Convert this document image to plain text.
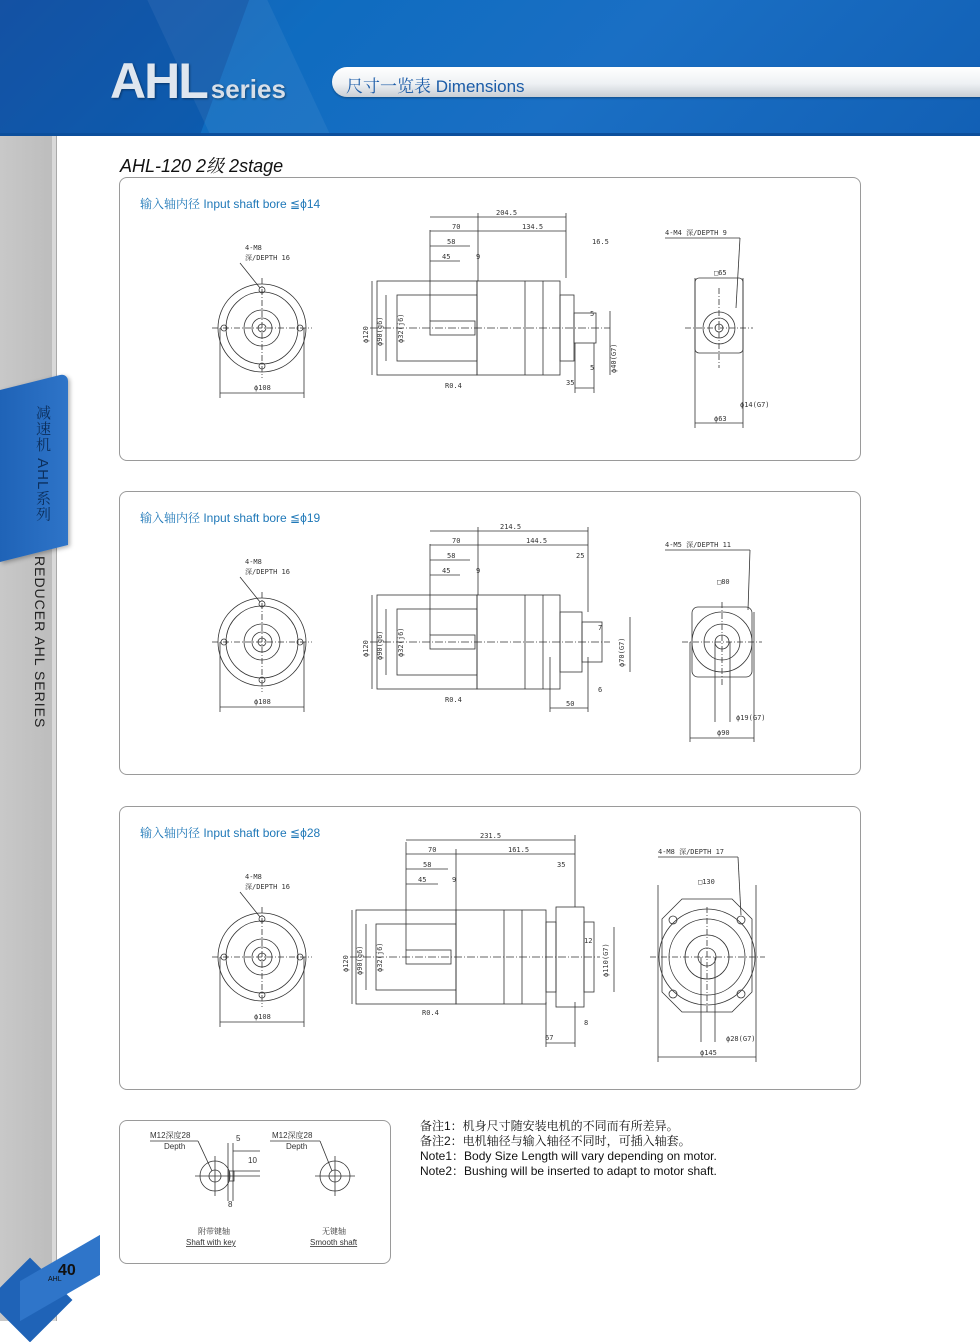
AHL series	尺寸一览表 Dimensions
减速机 AHL系列
REDUCER AHL SERIES
40
AHL
AHL-120 2级 2stage
输入轴内径 Input shaft bore ≦ϕ14
4-M8
深/DEPTH 16
ϕ108
204.5
70	134.5
58
45	9
16.5
5
5
35
R0.4
ϕ120 ϕ90(g6) ϕ32(j6)
ϕ40(G7)
4-M4 深/DEPTH 9
□65
ϕ14(G7)
ϕ63
输入轴内径 Input shaft bore ≦ϕ19
4-M8
深/DEPTH 16
ϕ108
214.5
70	144.5
58
45	9
25
7
6
50
R0.4
ϕ120 ϕ90(g6) ϕ32(j6)	ϕ70(G7)
4-M5 深/DEPTH 11
□80
ϕ19(G7)
ϕ90
输入轴内径 Input shaft bore ≦ϕ28
4-M8
深/DEPTH 16
ϕ108
231.5
70	161.5
58
45	9
35
12
8
67
R0.4
ϕ120 ϕ90(g6) ϕ32(j6)	ϕ110(G7)
4-M8 深/DEPTH 17
□130
ϕ28(G7)
ϕ145
M12深度28
Depth
5
10
8
附带键轴
Shaft with key
M12深度28
Depth
无键轴
Smooth shaft
备注1：机身尺寸随安装电机的不同而有所差异。
备注2：电机轴径与输入轴径不同时，可插入轴套。
Note1：Body Size Length will vary depending on motor.
Note2：Bushing will be inserted to adapt to motor shaft.
